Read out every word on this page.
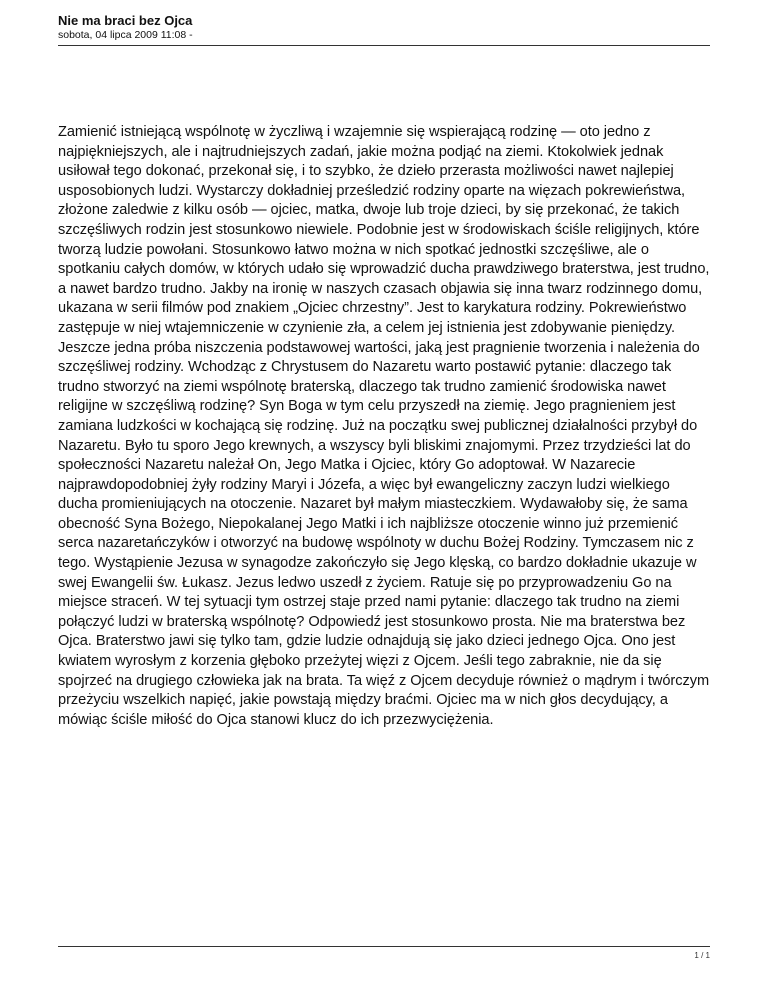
Nie ma braci bez Ojca

sobota, 04 lipca 2009 11:08 -

Zamienić istniejącą wspólnotę w życzliwą i wzajemnie się wspierającą rodzinę — oto jedno z najpiękniejszych, ale i najtrudniejszych zadań, jakie można podjąć na ziemi. Ktokolwiek jednak usiłował tego dokonać, przekonał się, i to szybko, że dzieło przerasta możliwości nawet najlepiej usposobionych ludzi. Wystarczy dokładniej prześledzić rodziny oparte na więzach pokrewieństwa, złożone zaledwie z kilku osób — ojciec, matka, dwoje lub troje dzieci, by się przekonać, że takich szczęśliwych rodzin jest stosunkowo niewiele. Podobnie jest w środowiskach ściśle religijnych, które tworzą ludzie powołani. Stosunkowo łatwo można w nich spotkać jednostki szczęśliwe, ale o spotkaniu całych domów, w których udało się wprowadzić ducha prawdziwego braterstwa, jest trudno, a nawet bardzo trudno. Jakby na ironię w naszych czasach objawia się inna twarz rodzinnego domu, ukazana w serii filmów pod znakiem „Ojciec chrzestny”. Jest to karykatura rodziny. Pokrewieństwo zastępuje w niej wtajemniczenie w czynienie zła, a celem jej istnienia jest zdobywanie pieniędzy. Jeszcze jedna próba niszczenia podstawowej wartości, jaką jest pragnienie tworzenia i należenia do szczęśliwej rodziny. Wchodząc z Chrystusem do Nazaretu warto postawić pytanie: dlaczego tak trudno stworzyć na ziemi wspólnotę braterską, dlaczego tak trudno zamienić środowiska nawet religijne w szczęśliwą rodzinę? Syn Boga w tym celu przyszedł na ziemię. Jego pragnieniem jest zamiana ludzkości w kochającą się rodzinę. Już na początku swej publicznej działalności przybył do Nazaretu. Było tu sporo Jego krewnych, a wszyscy byli bliskimi znajomymi. Przez trzydzieści lat do społeczności Nazaretu należał On, Jego Matka i Ojciec, który Go adoptował. W Nazarecie najprawdopodobniej żyły rodziny Maryi i Józefa, a więc był ewangeliczny zaczyn ludzi wielkiego ducha promieniujących na otoczenie. Nazaret był małym miasteczkiem. Wydawałoby się, że sama obecność Syna Bożego, Niepokalanej Jego Matki i ich najbliższe otoczenie winno już przemienić serca nazaretańczyków i otworzyć na budowę wspólnoty w duchu Bożej Rodziny. Tymczasem nic z tego. Wystąpienie Jezusa w synagodze zakończyło się Jego klęską, co bardzo dokładnie ukazuje w swej Ewangelii św. Łukasz. Jezus ledwo uszedł z życiem. Ratuje się po przyprowadzeniu Go na miejsce straceń. W tej sytuacji tym ostrzej staje przed nami pytanie: dlaczego tak trudno na ziemi połączyć ludzi w braterską wspólnotę? Odpowiedź jest stosunkowo prosta. Nie ma braterstwa bez Ojca. Braterstwo jawi się tylko tam, gdzie ludzie odnajdują się jako dzieci jednego Ojca. Ono jest kwiatem wyrosłym z korzenia głęboko przeżytej więzi z Ojcem. Jeśli tego zabraknie, nie da się spojrzeć na drugiego człowieka jak na brata. Ta więź z Ojcem decyduje również o mądrym i twórczym przeżyciu wszelkich napięć, jakie powstają między braćmi. Ojciec ma w nich głos decydujący, a mówiąc ściśle miłość do Ojca stanowi klucz do ich przezwyciężenia.

1 / 1
